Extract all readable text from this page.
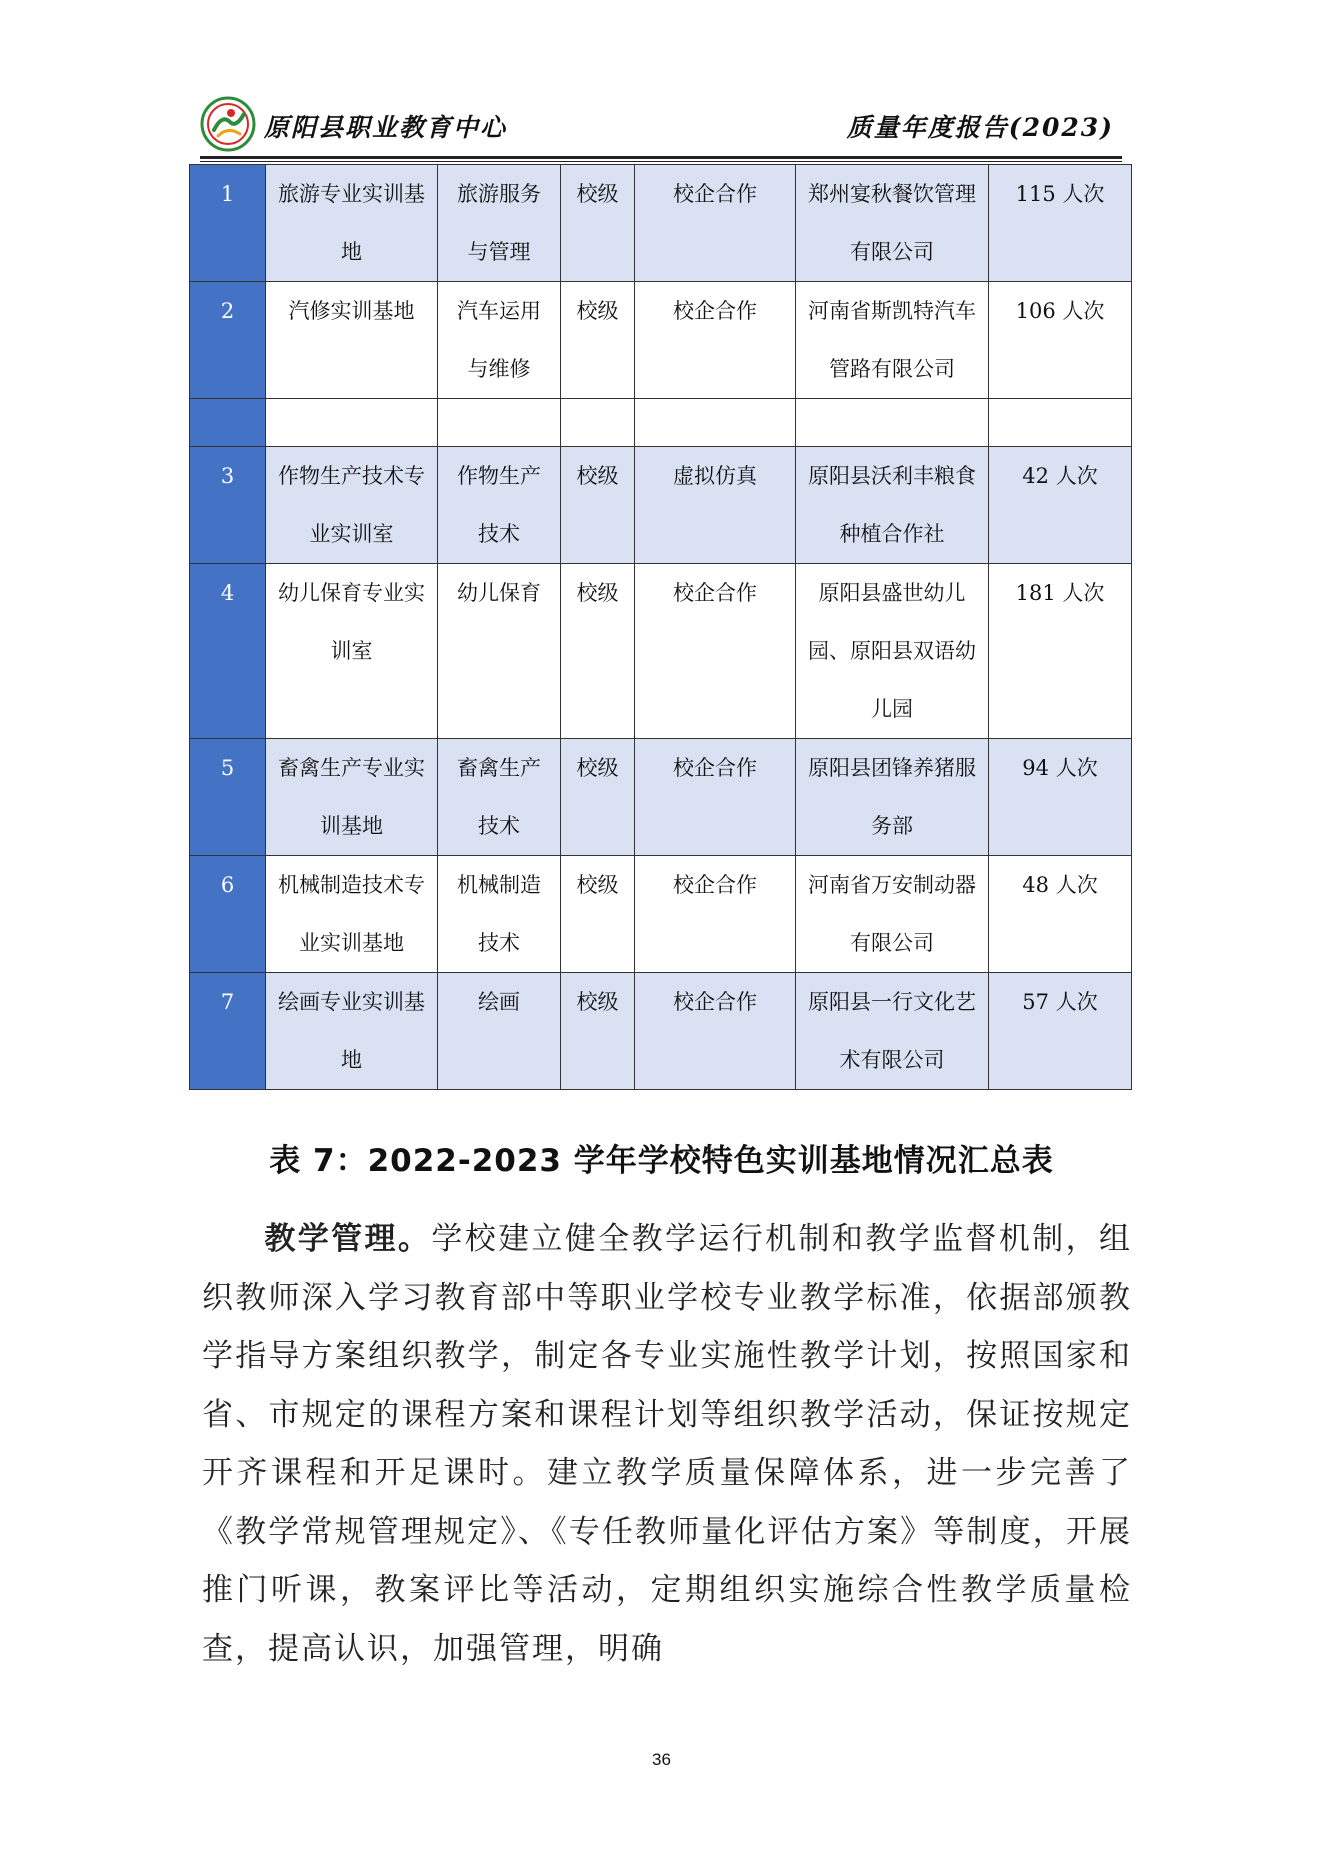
原阳县职业教育中心	质量年度报告(2023)
1	旅游专业实训基地	旅游服务与管理	校级	校企合作	郑州宴秋餐饮管理有限公司	115 人次
2	汽修实训基地	汽车运用与维修	校级	校企合作	河南省斯凯特汽车管路有限公司	106 人次

3	作物生产技术专业实训室	作物生产技术	校级	虚拟仿真	原阳县沃利丰粮食种植合作社	42 人次
4	幼儿保育专业实训室	幼儿保育	校级	校企合作	原阳县盛世幼儿园、原阳县双语幼儿园	181 人次
5	畜禽生产专业实训基地	畜禽生产技术	校级	校企合作	原阳县团锋养猪服务部	94 人次
6	机械制造技术专业实训基地	机械制造技术	校级	校企合作	河南省万安制动器有限公司	48 人次
7	绘画专业实训基地	绘画	校级	校企合作	原阳县一行文化艺术有限公司	57 人次
表 7：2022-2023 学年学校特色实训基地情况汇总表
教学管理。学校建立健全教学运行机制和教学监督机制，组织教师深入学习教育部中等职业学校专业教学标准，依据部颁教学指导方案组织教学，制定各专业实施性教学计划，按照国家和省、市规定的课程方案和课程计划等组织教学活动，保证按规定开齐课程和开足课时。建立教学质量保障体系，进一步完善了《教学常规管理规定》、《专任教师量化评估方案》等制度，开展推门听课，教案评比等活动，定期组织实施综合性教学质量检查，提高认识，加强管理，明确
36
